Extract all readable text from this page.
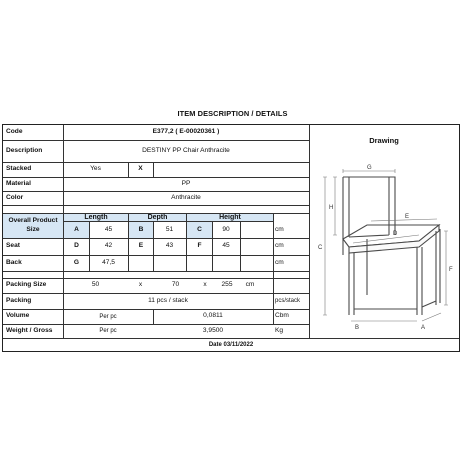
ITEM DESCRIPTION / DETAILS
Code	E377,2 ( E-00020361 )
Description	DESTINY PP Chair Anthracite
Stacked	Yes	X
Material	PP
Color	Anthracite
Overall Product
Size
Length	Depth	Height
A	45	B	51	C	90	cm
Seat	D	42	E	43	F	45	cm
Back	G	47,5	cm
Packing Size	50	x	70	x	255	cm
Packing	11 pcs / stack	pcs/stack
Volume	Per pc	0,0811	Cbm
Weight / Gross	Per pc	3,9500	Kg
Date 03/11/2022
Drawing
G
H
C
E
D
F
B	A
